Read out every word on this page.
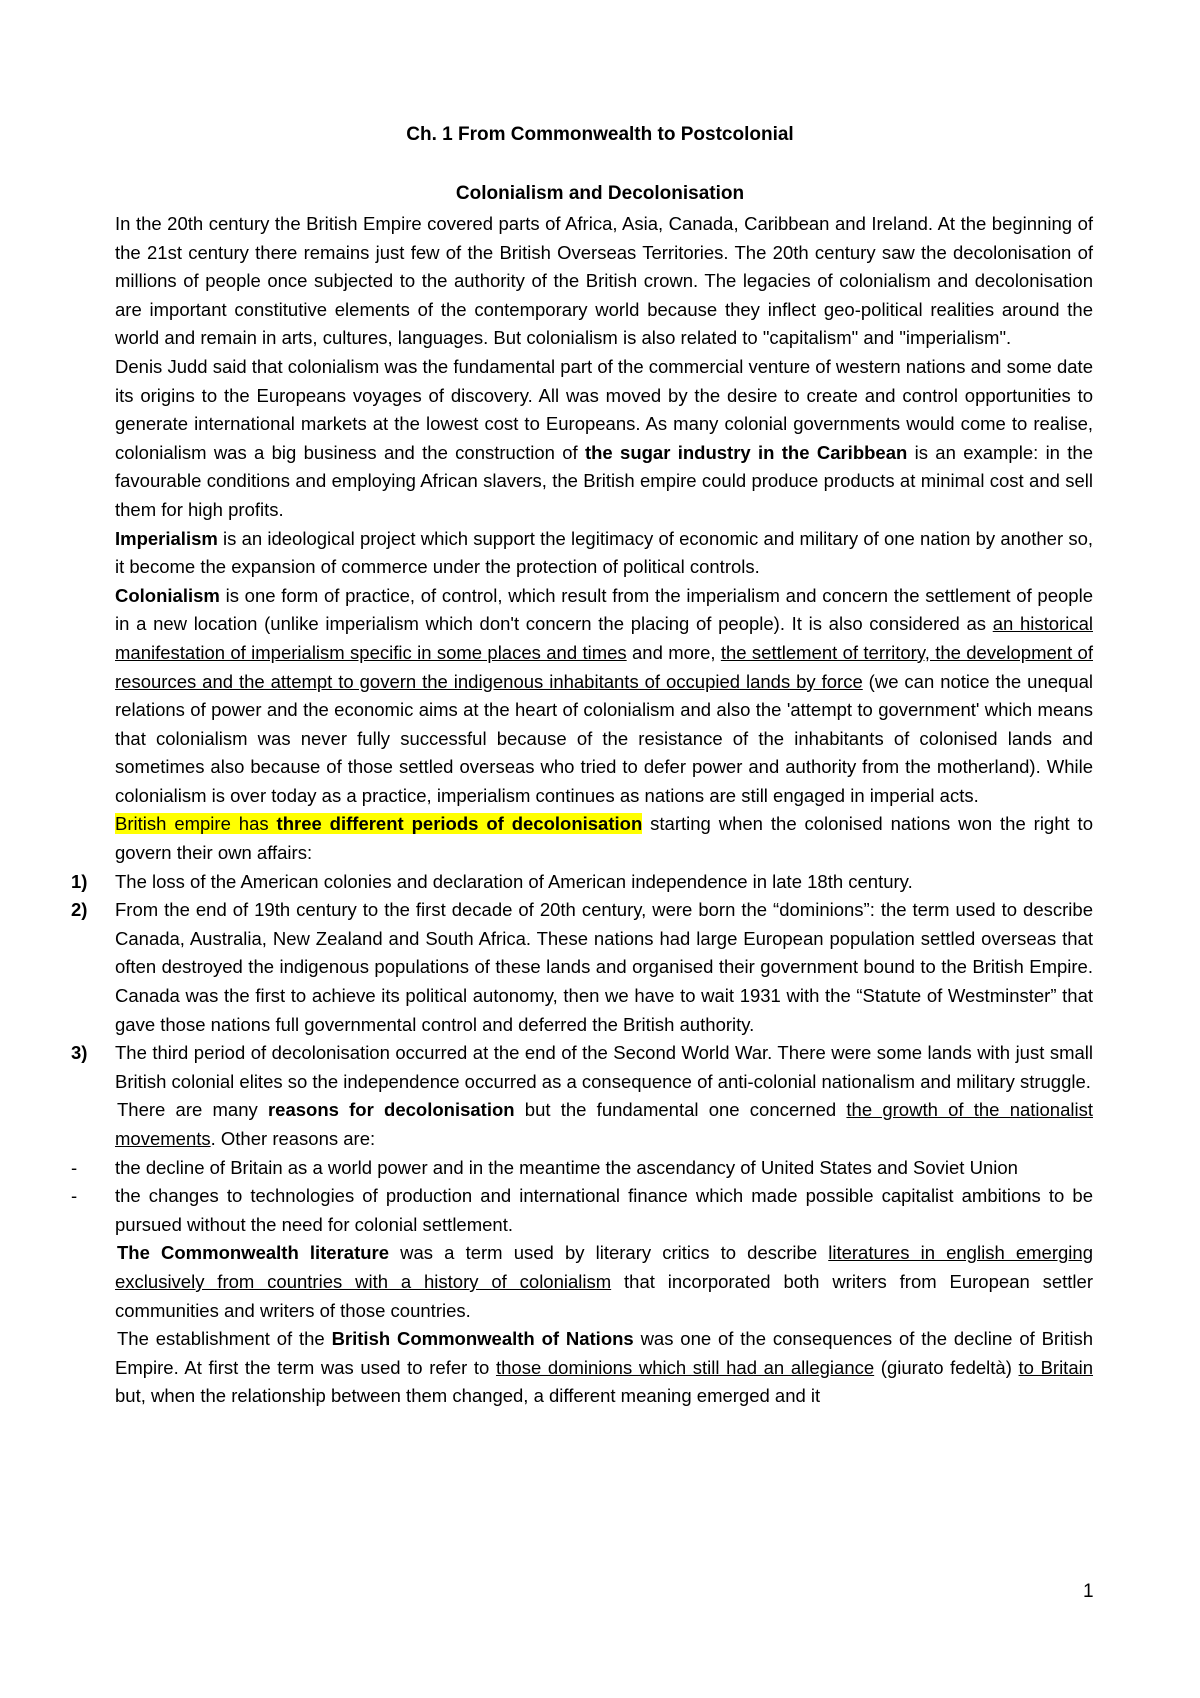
Ch. 1 From Commonwealth to Postcolonial

Colonialism and Decolonisation

In the 20th century the British Empire covered parts of Africa, Asia, Canada, Caribbean and Ireland. At the beginning of the 21st century there remains just few of the British Overseas Territories. The 20th century saw the decolonisation of millions of people once subjected to the authority of the British crown. The legacies of colonialism and decolonisation are important constitutive elements of the contemporary world because they inflect geo-political realities around the world and remain in arts, cultures, languages. But colonialism is also related to "capitalism" and "imperialism".

Denis Judd said that colonialism was the fundamental part of the commercial venture of western nations and some date its origins to the Europeans voyages of discovery. All was moved by the desire to create and control opportunities to generate international markets at the lowest cost to Europeans. As many colonial governments would come to realise, colonialism was a big business and the construction of the sugar industry in the Caribbean is an example: in the favourable conditions and employing African slavers, the British empire could produce products at minimal cost and sell them for high profits.

Imperialism is an ideological project which support the legitimacy of economic and military of one nation by another so, it become the expansion of commerce under the protection of political controls.

Colonialism is one form of practice, of control, which result from the imperialism and concern the settlement of people in a new location (unlike imperialism which don't concern the placing of people). It is also considered as an historical manifestation of imperialism specific in some places and times and more, the settlement of territory, the development of resources and the attempt to govern the indigenous inhabitants of occupied lands by force (we can notice the unequal relations of power and the economic aims at the heart of colonialism and also the 'attempt to government' which means that colonialism was never fully successful because of the resistance of the inhabitants of colonised lands and sometimes also because of those settled overseas who tried to defer power and authority from the motherland). While colonialism is over today as a practice, imperialism continues as nations are still engaged in imperial acts.

British empire has three different periods of decolonisation starting when the colonised nations won the right to govern their own affairs:

1) The loss of the American colonies and declaration of American independence in late 18th century.

2) From the end of 19th century to the first decade of 20th century, were born the “dominions”: the term used to describe Canada, Australia, New Zealand and South Africa. These nations had large European population settled overseas that often destroyed the indigenous populations of these lands and organised their government bound to the British Empire. Canada was the first to achieve its political autonomy, then we have to wait 1931 with the “Statute of Westminster” that gave those nations full governmental control and deferred the British authority.

3) The third period of decolonisation occurred at the end of the Second World War. There were some lands with just small British colonial elites so the independence occurred as a consequence of anti-colonial nationalism and military struggle.

There are many reasons for decolonisation but the fundamental one concerned the growth of the nationalist movements. Other reasons are:

- the decline of Britain as a world power and in the meantime the ascendancy of United States and Soviet Union

- the changes to technologies of production and international finance which made possible capitalist ambitions to be pursued without the need for colonial settlement.

The Commonwealth literature was a term used by literary critics to describe literatures in english emerging exclusively from countries with a history of colonialism that incorporated both writers from European settler communities and writers of those countries.

The establishment of the British Commonwealth of Nations was one of the consequences of the decline of British Empire. At first the term was used to refer to those dominions which still had an allegiance (giurato fedeltà) to Britain but, when the relationship between them changed, a different meaning emerged and it

1
